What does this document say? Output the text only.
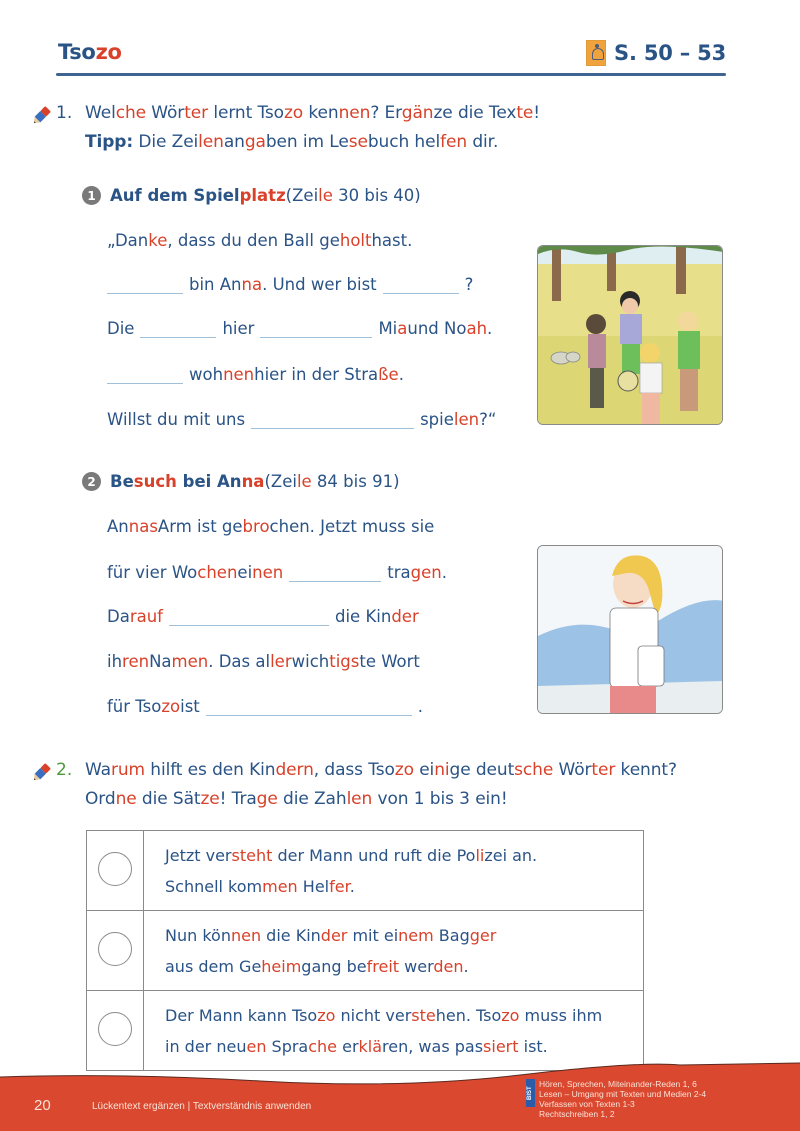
Tsozo	S. 50 – 53
1. Welche Wörter lernt Tsozo kennen? Ergänze die Texte!
Tipp: Die Zeilenangaben im Lesebuch helfen dir.
1 Auf dem Spielplatz (Zeile 30 bis 40)
„Dan ke , dass du den Ball ge holt hast.
bin An na . Und wer bist	?
Die	hier	Mi a und No ah .
woh nen hier in der Stra ße .
Willst du mit uns	spie len ?“
2 Besuch bei Anna (Zeile 84 bis 91)
An nas Arm ist ge bro chen. Jetzt muss sie
für vier Wo chen ei nen	tra gen .
Da rauf	die Kin der
ih ren Na men . Das al ler wich tigs te Wort
für Tso zo ist	.
2. Warum hilft es den Kindern, dass Tsozo einige deutsche Wörter kennt?
Ordne die Sätze! Trage die Zahlen von 1 bis 3 ein!

	Jetzt versteht der Mann und ruft die Polizei an.
Schnell kommen Helfer.

	Nun können die Kinder mit einem Bagger
aus dem Geheimgang befreit werden.

	Der Mann kann Tsozo nicht verstehen. Tsozo muss ihm
in der neuen Sprache erklären, was passiert ist.
20	Lückentext ergänzen | Textverständnis anwenden
BIST
Hören, Sprechen, Miteinander-Reden 1, 6
Lesen – Umgang mit Texten und Medien 2-4
Verfassen von Texten 1-3
Rechtschreiben 1, 2
